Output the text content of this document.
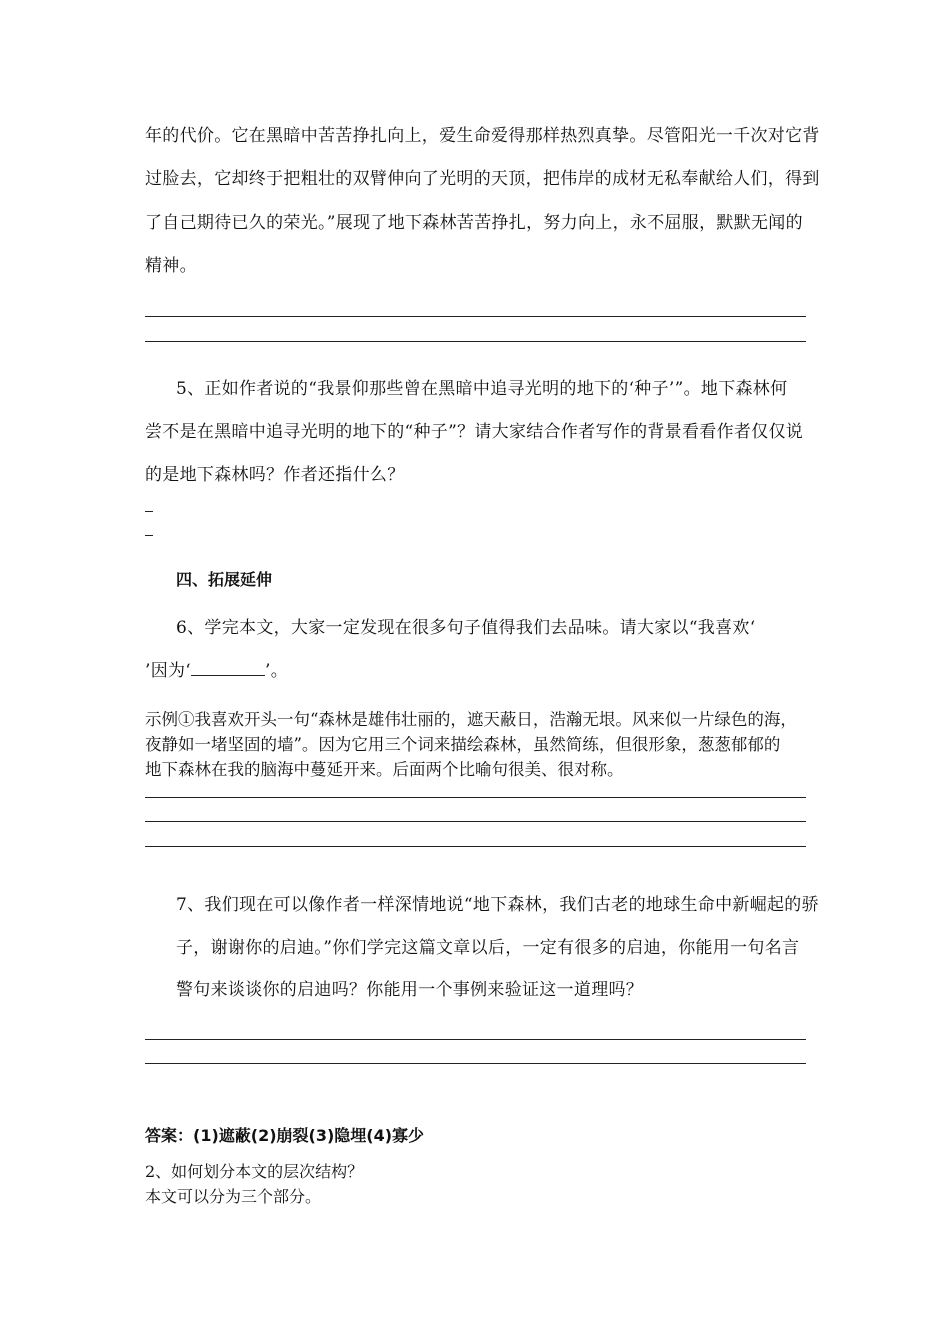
年的代价。它在黑暗中苦苦挣扎向上，爱生命爱得那样热烈真挚。尽管阳光一千次对它背
过脸去，它却终于把粗壮的双臂伸向了光明的天顶，把伟岸的成材无私奉献给人们，得到
了自己期待已久的荣光。”展现了地下森林苦苦挣扎，努力向上，永不屈服，默默无闻的
精神。
5、正如作者说的“我景仰那些曾在黑暗中追寻光明的地下的‘种子’”。地下森林何
尝不是在黑暗中追寻光明的地下的“种子”？请大家结合作者写作的背景看看作者仅仅说
的是地下森林吗？作者还指什么？
四、拓展延伸
6、学完本文，大家一定发现在很多句子值得我们去品味。请大家以“我喜欢‘
’因为‘	’。
示例①我喜欢开头一句“森林是雄伟壮丽的，遮天蔽日，浩瀚无垠。风来似一片绿色的海，
夜静如一堵坚固的墙”。因为它用三个词来描绘森林，虽然简练，但很形象，葱葱郁郁的
地下森林在我的脑海中蔓延开来。后面两个比喻句很美、很对称。
7、我们现在可以像作者一样深情地说“地下森林，我们古老的地球生命中新崛起的骄
子，谢谢你的启迪。”你们学完这篇文章以后，一定有很多的启迪，你能用一句名言
警句来谈谈你的启迪吗？你能用一个事例来验证这一道理吗？
答案：(1)遮蔽(2)崩裂(3)隐埋(4)寡少
2、如何划分本文的层次结构？
本文可以分为三个部分。
